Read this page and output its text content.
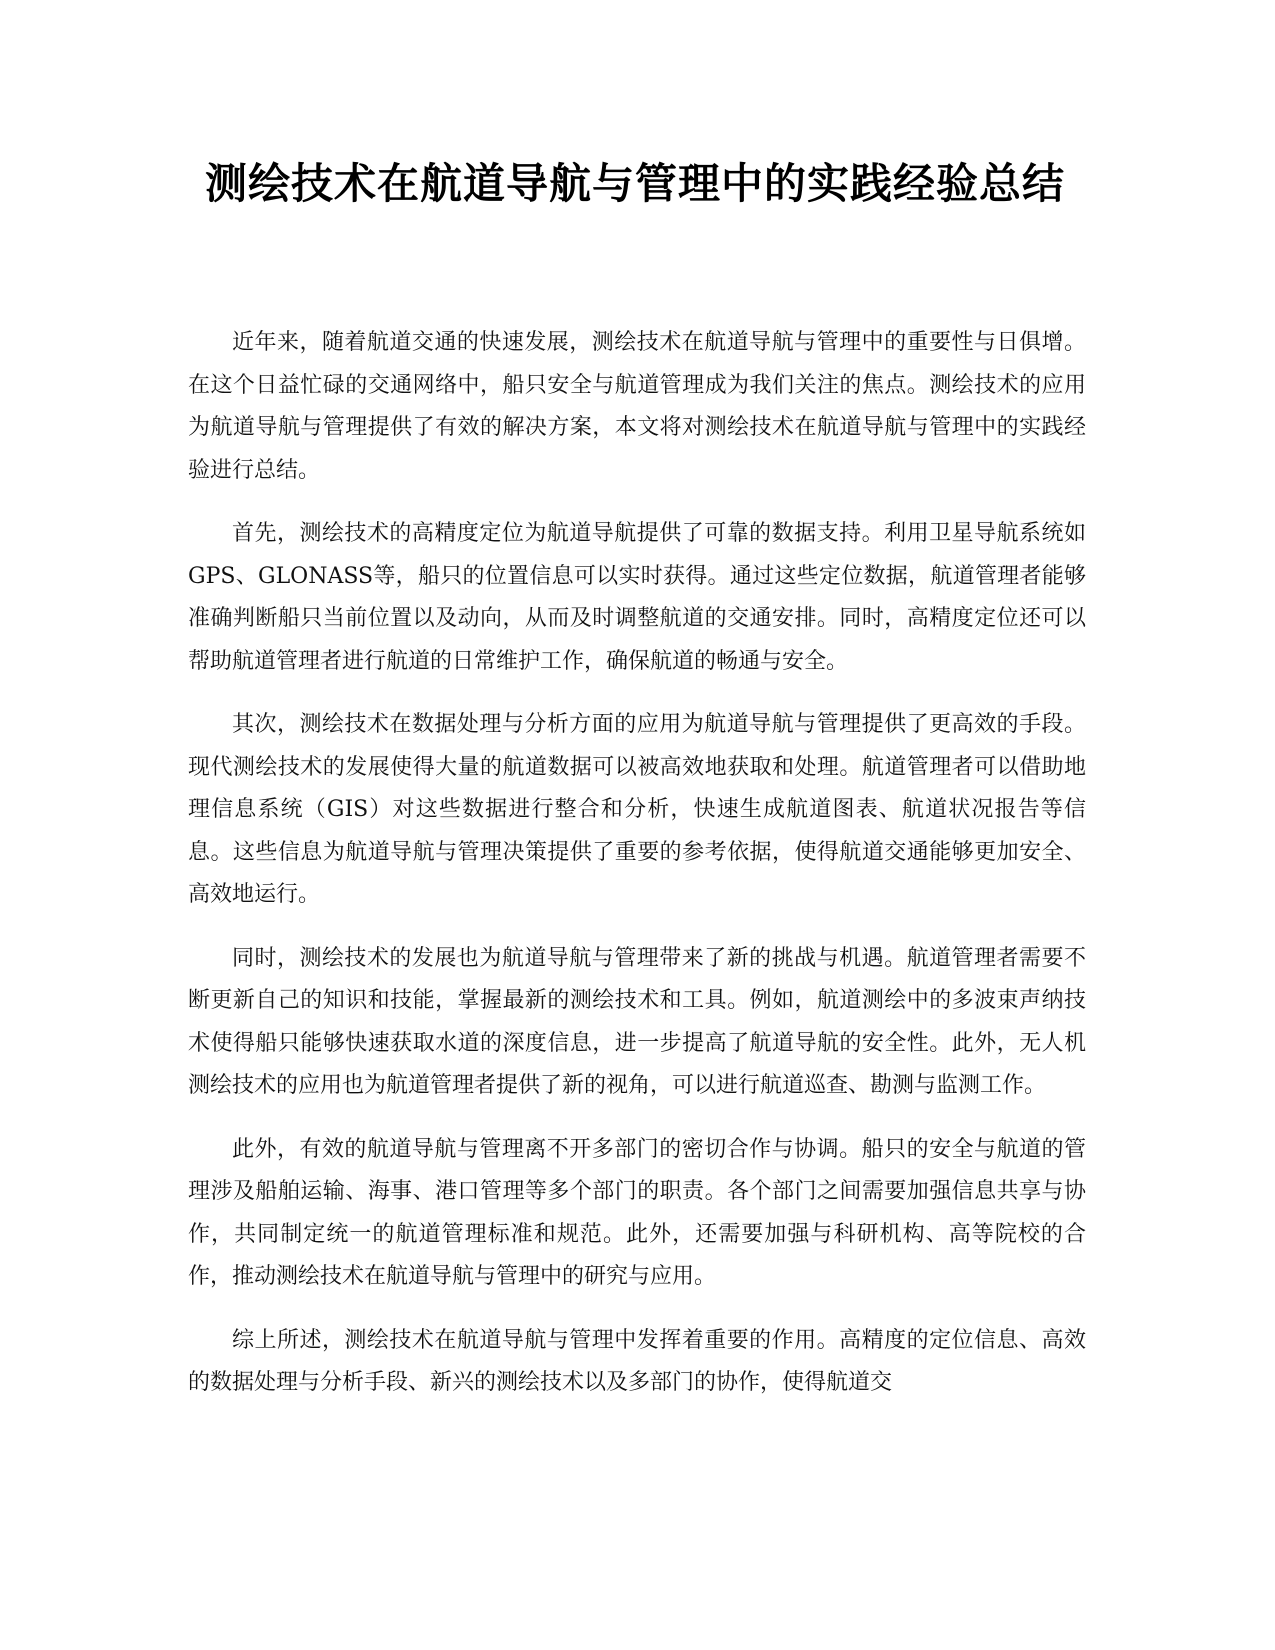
测绘技术在航道导航与管理中的实践经验总结

近年来，随着航道交通的快速发展，测绘技术在航道导航与管理中的重要性与日俱增。在这个日益忙碌的交通网络中，船只安全与航道管理成为我们关注的焦点。测绘技术的应用为航道导航与管理提供了有效的解决方案，本文将对测绘技术在航道导航与管理中的实践经验进行总结。

首先，测绘技术的高精度定位为航道导航提供了可靠的数据支持。利用卫星导航系统如GPS、GLONASS等，船只的位置信息可以实时获得。通过这些定位数据，航道管理者能够准确判断船只当前位置以及动向，从而及时调整航道的交通安排。同时，高精度定位还可以帮助航道管理者进行航道的日常维护工作，确保航道的畅通与安全。

其次，测绘技术在数据处理与分析方面的应用为航道导航与管理提供了更高效的手段。现代测绘技术的发展使得大量的航道数据可以被高效地获取和处理。航道管理者可以借助地理信息系统（GIS）对这些数据进行整合和分析，快速生成航道图表、航道状况报告等信息。这些信息为航道导航与管理决策提供了重要的参考依据，使得航道交通能够更加安全、高效地运行。

同时，测绘技术的发展也为航道导航与管理带来了新的挑战与机遇。航道管理者需要不断更新自己的知识和技能，掌握最新的测绘技术和工具。例如，航道测绘中的多波束声纳技术使得船只能够快速获取水道的深度信息，进一步提高了航道导航的安全性。此外，无人机测绘技术的应用也为航道管理者提供了新的视角，可以进行航道巡查、勘测与监测工作。

此外，有效的航道导航与管理离不开多部门的密切合作与协调。船只的安全与航道的管理涉及船舶运输、海事、港口管理等多个部门的职责。各个部门之间需要加强信息共享与协作，共同制定统一的航道管理标准和规范。此外，还需要加强与科研机构、高等院校的合作，推动测绘技术在航道导航与管理中的研究与应用。

综上所述，测绘技术在航道导航与管理中发挥着重要的作用。高精度的定位信息、高效的数据处理与分析手段、新兴的测绘技术以及多部门的协作，使得航道交
